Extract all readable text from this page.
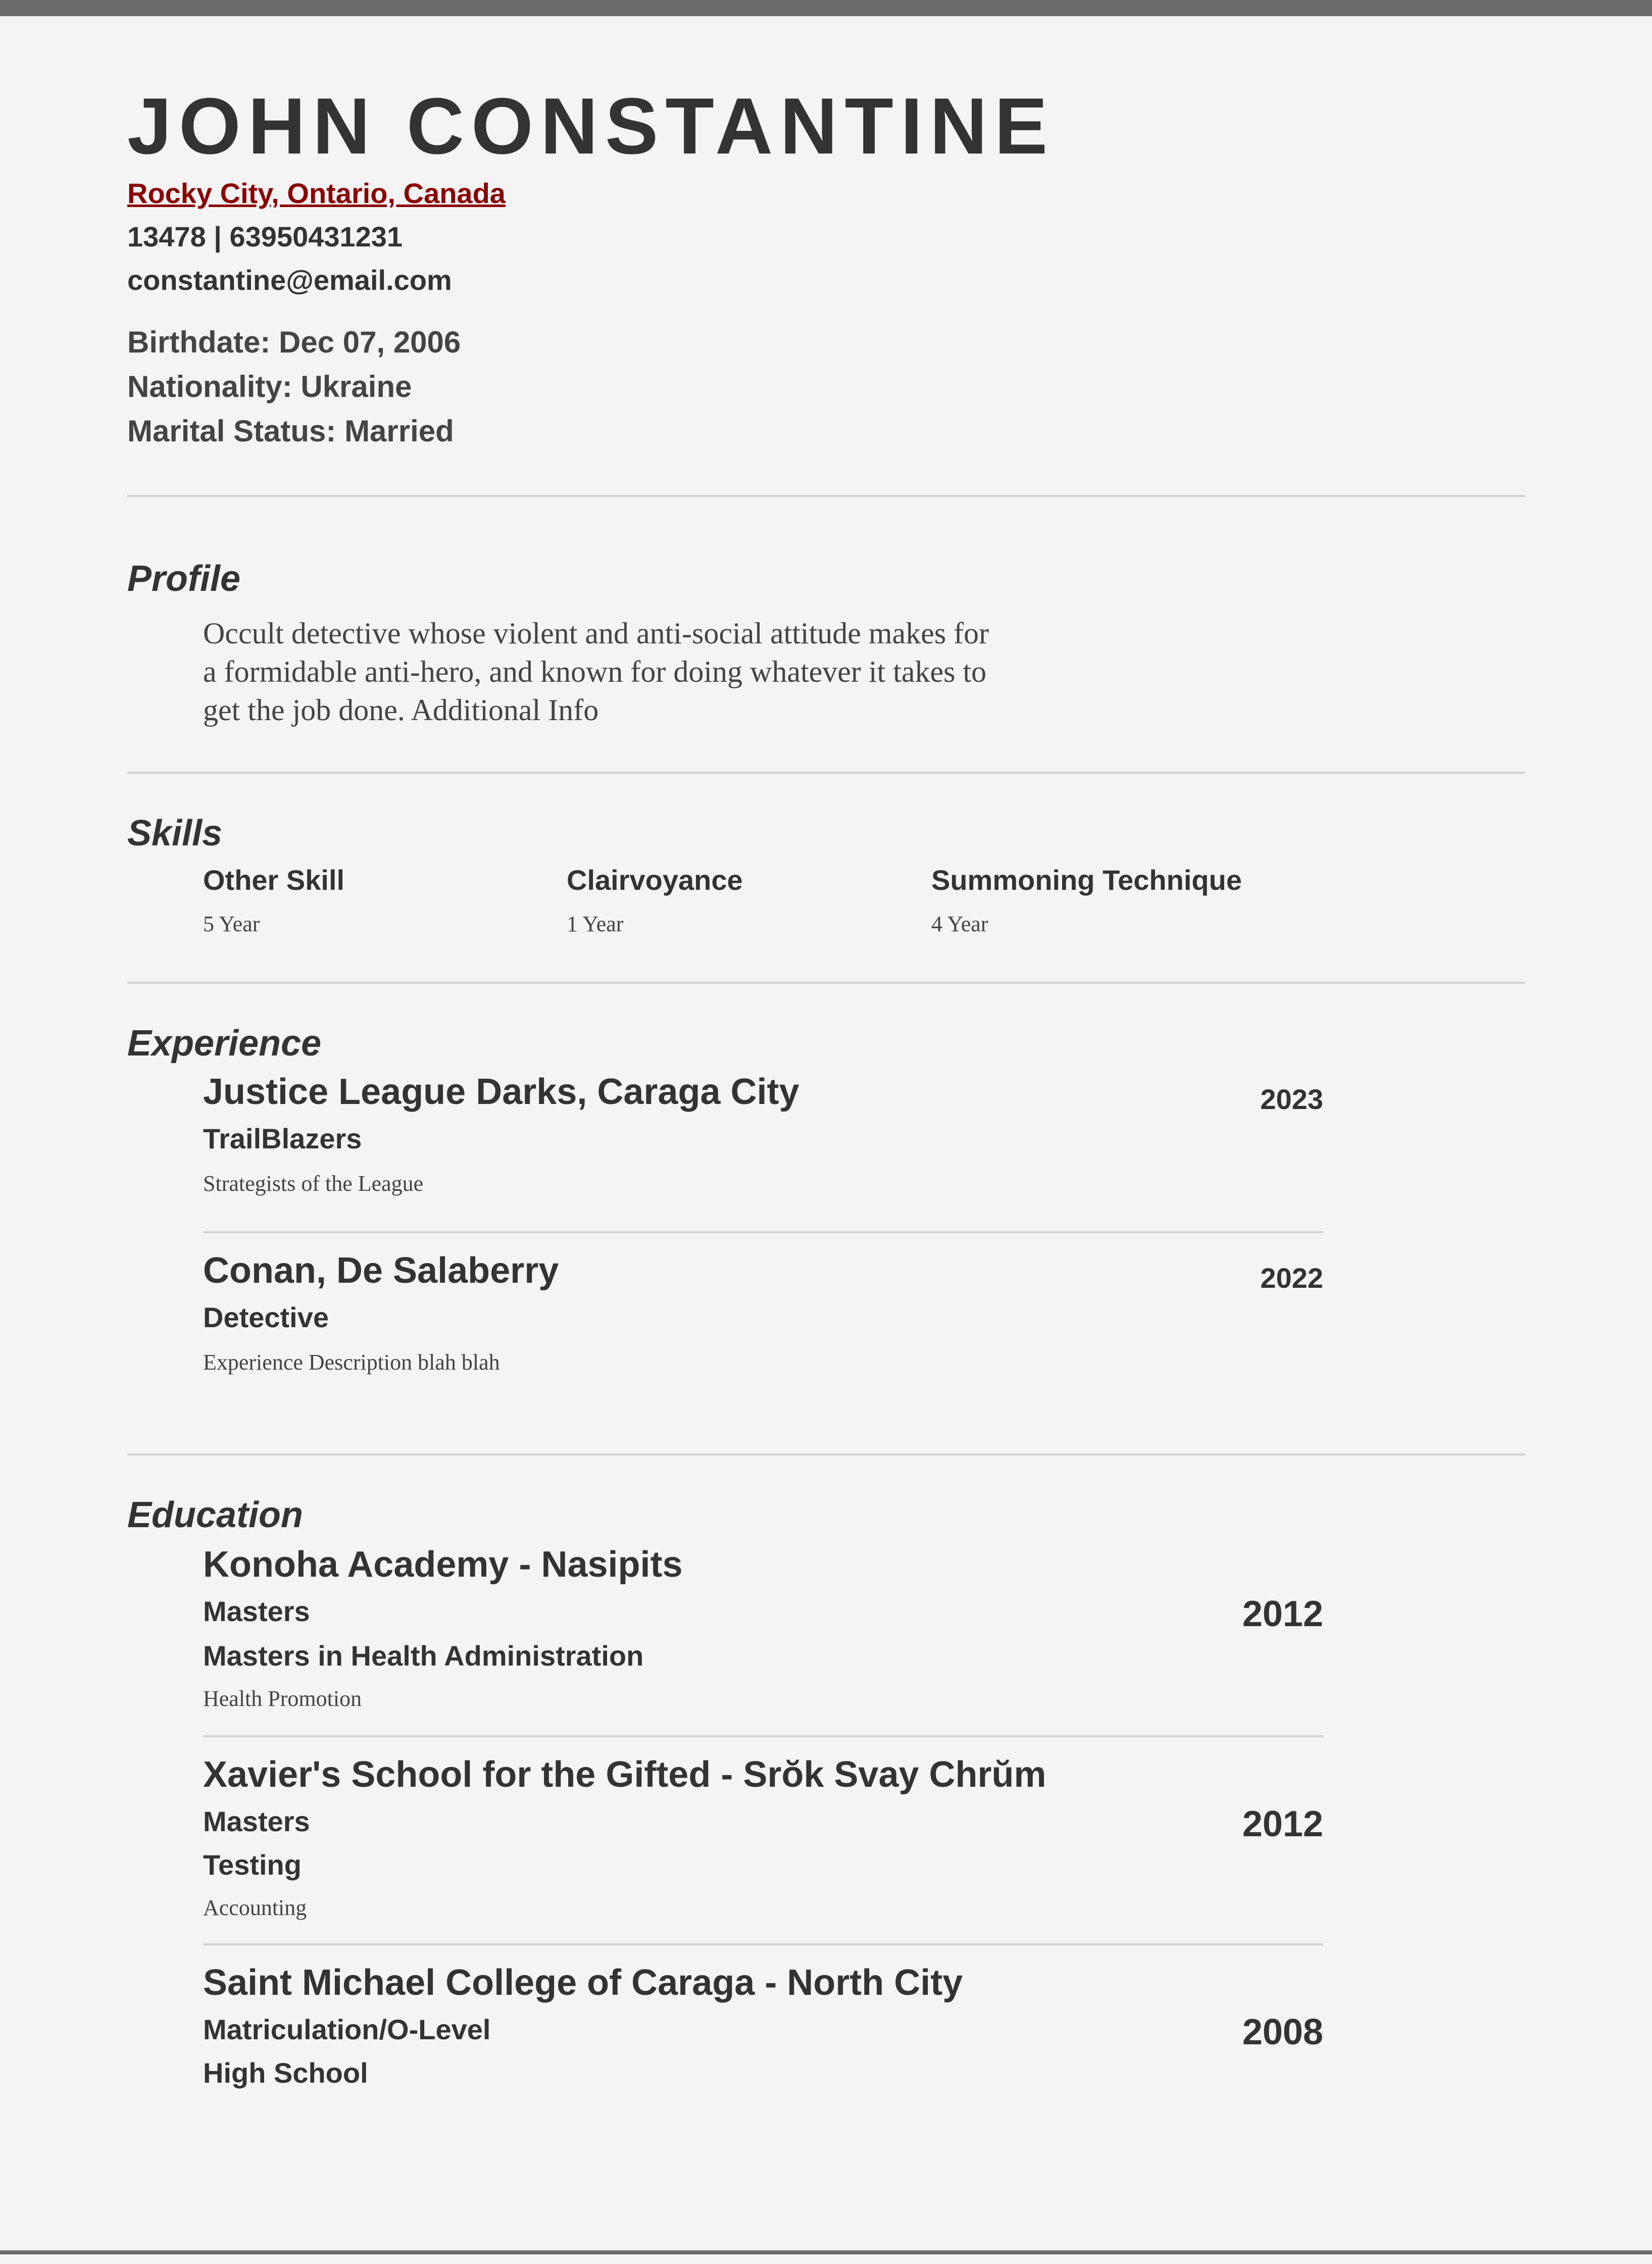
JOHN CONSTANTINE
Rocky City, Ontario, Canada
13478 | 63950431231
constantine@email.com
Birthdate: Dec 07, 2006
Nationality: Ukraine
Marital Status: Married
Profile
Occult detective whose violent and anti-social attitude makes for
a formidable anti-hero, and known for doing whatever it takes to
get the job done. Additional Info
Skills
Other Skill
5 Year
Clairvoyance
1 Year
Summoning Technique
4 Year
Experience
Justice League Darks, Caraga City	2023
TrailBlazers
Strategists of the League
Conan, De Salaberry	2022
Detective
Experience Description blah blah
Education
Konoha Academy - Nasipits
2012
Masters
Masters in Health Administration
Health Promotion
Xavier's School for the Gifted - Srŏk Svay Chrŭm
2012
Masters
Testing
Accounting
Saint Michael College of Caraga - North City
2008
Matriculation/O-Level
High School
